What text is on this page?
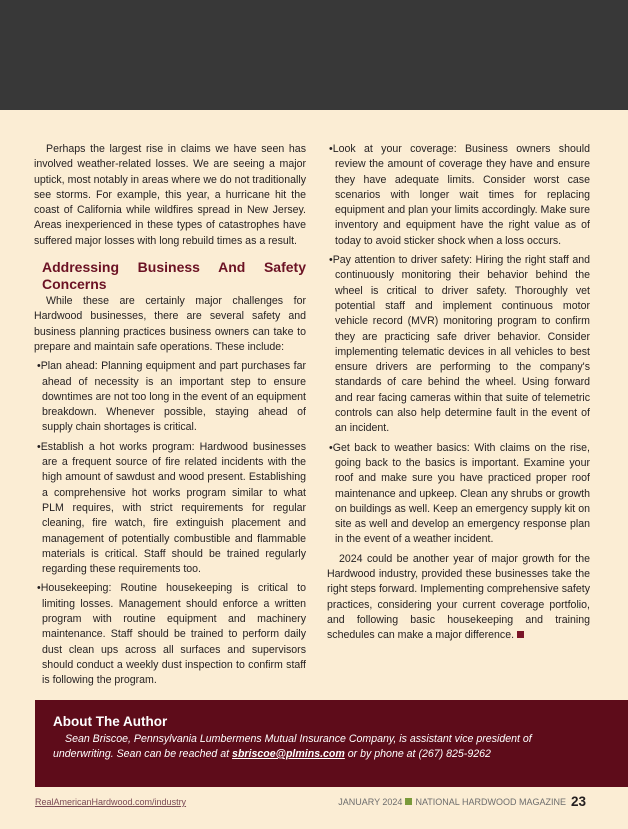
Perhaps the largest rise in claims we have seen has involved weather-related losses. We are seeing a major uptick, most notably in areas where we do not traditionally see storms. For example, this year, a hurricane hit the coast of California while wildfires spread in New Jersey. Areas inexperienced in these types of catastrophes have suffered major losses with long rebuild times as a result.

Addressing Business And Safety Concerns

While these are certainly major challenges for Hardwood businesses, there are several safety and business planning practices business owners can take to prepare and maintain safe operations. These include:

•Plan ahead: Planning equipment and part purchases far ahead of necessity is an important step to ensure downtimes are not too long in the event of an equipment breakdown. Whenever possible, staying ahead of supply chain shortages is critical.

•Establish a hot works program: Hardwood businesses are a frequent source of fire related incidents with the high amount of sawdust and wood present. Establishing a comprehensive hot works program similar to what PLM requires, with strict requirements for regular cleaning, fire watch, fire extinguish placement and management of potentially combustible and flammable materials is critical. Staff should be trained regularly regarding these requirements too.

•Housekeeping: Routine housekeeping is critical to limiting losses. Management should enforce a written program with routine equipment and machinery maintenance. Staff should be trained to perform daily dust clean ups across all surfaces and supervisors should conduct a weekly dust inspection to confirm staff is following the program.

•Look at your coverage: Business owners should review the amount of coverage they have and ensure they have adequate limits. Consider worst case scenarios with longer wait times for replacing equipment and plan your limits accordingly. Make sure inventory and equipment have the right value as of today to avoid sticker shock when a loss occurs.

•Pay attention to driver safety: Hiring the right staff and continuously monitoring their behavior behind the wheel is critical to driver safety. Thoroughly vet potential staff and implement continuous motor vehicle record (MVR) monitoring program to confirm they are practicing safe driver behavior. Consider implementing telematic devices in all vehicles to best ensure drivers are performing to the company's standards of care behind the wheel. Using forward and rear facing cameras within that suite of telemetric controls can also help determine fault in the event of an incident.

•Get back to weather basics: With claims on the rise, going back to the basics is important. Examine your roof and make sure you have practiced proper roof maintenance and upkeep. Clean any shrubs or growth on buildings as well. Keep an emergency supply kit on site as well and develop an emergency response plan in the event of a weather incident.

2024 could be another year of major growth for the Hardwood industry, provided these businesses take the right steps forward. Implementing comprehensive safety practices, considering your current coverage portfolio, and following basic housekeeping and training schedules can make a major difference.

About The Author
Sean Briscoe, Pennsylvania Lumbermens Mutual Insurance Company, is assistant vice president of underwriting. Sean can be reached at sbriscoe@plmins.com or by phone at (267) 825-9262
RealAmericanHardwood.com/industry	JANUARY 2024 NATIONAL HARDWOOD MAGAZINE 23
